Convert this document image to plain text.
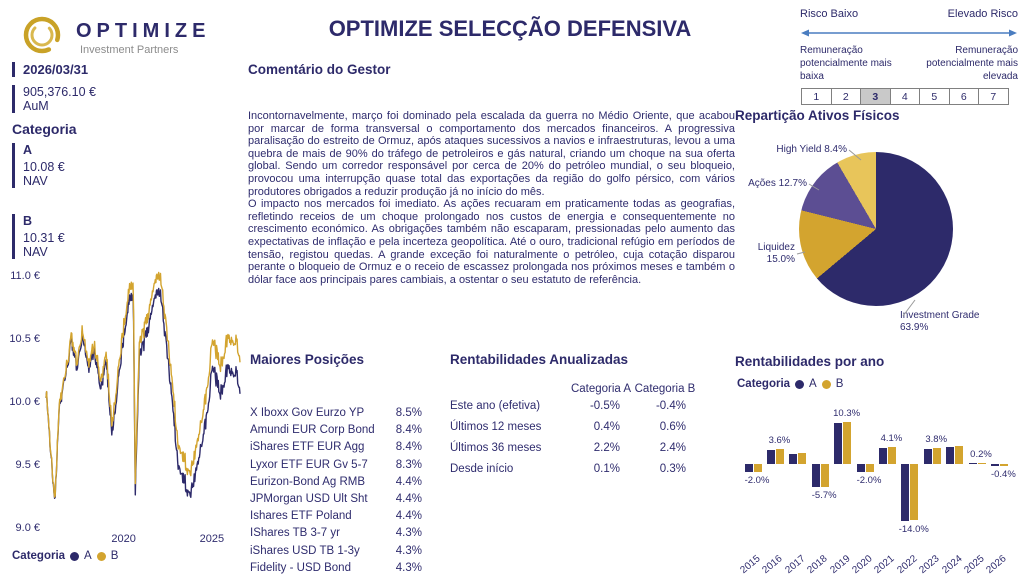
OPTIMIZE
Investment Partners
OPTIMIZE SELECÇÃO DEFENSIVA
2026/03/31
905,376.10 €
AuM
Categoria
A
10.08 €
NAV
B
10.31 €
NAV
11.0 €
10.5 €
10.0 €
9.5 €
9.0 €
2020	2025
Categoria A B
Comentário do Gestor

Incontornavelmente, março foi dominado pela escalada da guerra no Médio Oriente, que acabou por marcar de forma transversal o comportamento dos mercados financeiros. A progressiva paralisação do estreito de Ormuz, após ataques sucessivos a navios e infraestruturas, levou a uma quebra de mais de 90% do tráfego de petroleiros e gás natural, criando um choque na sua oferta global. Sendo um corredor responsável por cerca de 20% do petróleo mundial, o seu bloqueio, provocou uma interrupção quase total das exportações da região do golfo pérsico, com vários produtores obrigados a reduzir produção já no início do mês.

O impacto nos mercados foi imediato. As ações recuaram em praticamente todas as geografias, refletindo receios de um choque prolongado nos custos de energia e consequentemente no crescimento económico. As obrigações também não escaparam, pressionadas pelo aumento das expectativas de inflação e pela incerteza geopolítica. Até o ouro, tradicional refúgio em períodos de tensão, registou quedas. A grande exceção foi naturalmente o petróleo, cuja cotação disparou perante o bloqueio de Ormuz e o receio de escassez prolongada nos próximos meses e também o dólar face aos principais pares cambiais, a ostentar o seu estatuto de referência.

Maiores Posições
X Iboxx Gov Eurzo YP	8.5%
Amundi EUR Corp Bond 8.4%
iShares ETF EUR Agg	8.4%
Lyxor ETF EUR Gv 5-7 8.3%
Eurizon-Bond Ag RMB	4.4%
JPMorgan USD Ult Sht 4.4%
Ishares ETF Poland	4.4%
IShares TB 3-7 yr	4.3%
iShares USD TB 1-3y	4.3%
Fidelity - USD Bond	4.3%
Rentabilidades Anualizadas
Categoria A Categoria B
Este ano (efetiva)	-0.5%	-0.4%
Últimos 12 meses	0.4%	0.6%
Últimos 36 meses	2.2%	2.4%
Desde início	0.1%	0.3%
Risco Baixo	Elevado Risco
Remuneração potencialmente mais baixa
Remuneração potencialmente mais elevada
1	2	3	4	5	6	7
Repartição Ativos Físicos
High Yield 8.4%
Ações 12.7%
Liquidez
15.0%
Investment Grade
63.9%
Rentabilidades por ano
Categoria A B
-2.0%
2015
3.6%
2016
2017
-5.7%
2018
10.3%
2019
-2.0%
2020
4.1%
2021
-14.0%
2022
3.8%
2023
2024
0.2%
2025
-0.4%
2026
